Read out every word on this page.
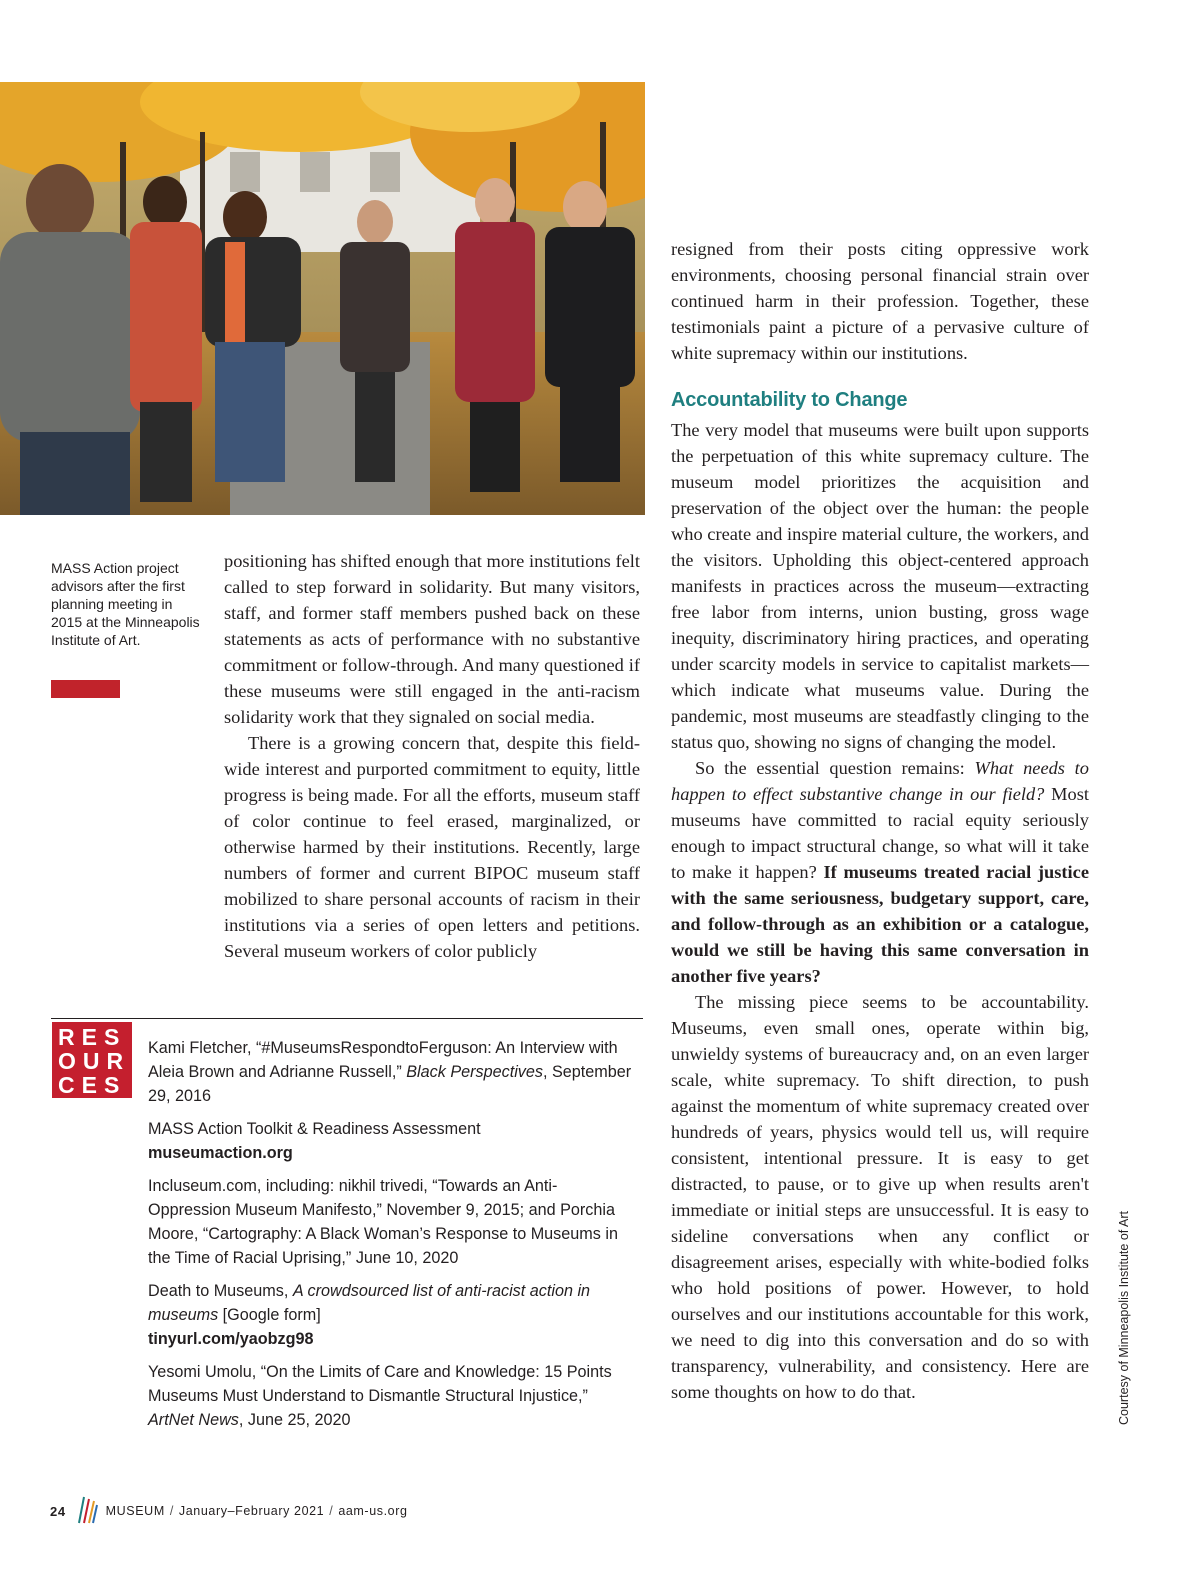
MASS Action project advisors after the first planning meeting in 2015 at the Minneapolis Institute of Art.

positioning has shifted enough that more institutions felt called to step forward in solidarity. But many visitors, staff, and former staff members pushed back on these statements as acts of performance with no substantive commitment or follow-through. And many questioned if these museums were still engaged in the anti-racism solidarity work that they signaled on social media.

There is a growing concern that, despite this field-wide interest and purported commitment to equity, little progress is being made. For all the efforts, museum staff of color continue to feel erased, marginalized, or otherwise harmed by their institutions. Recently, large numbers of former and current BIPOC museum staff mobilized to share personal accounts of racism in their institutions via a series of open letters and petitions. Several museum workers of color publicly

resigned from their posts citing oppressive work environments, choosing personal financial strain over continued harm in their profession. Together, these testimonials paint a picture of a pervasive culture of white supremacy within our institutions.

Accountability to Change

The very model that museums were built upon supports the perpetuation of this white supremacy culture. The museum model prioritizes the acquisition and preservation of the object over the human: the people who create and inspire material culture, the workers, and the visitors. Upholding this object-centered approach manifests in practices across the museum—extracting free labor from interns, union busting, gross wage inequity, discriminatory hiring practices, and operating under scarcity models in service to capitalist markets—which indicate what museums value. During the pandemic, most museums are steadfastly clinging to the status quo, showing no signs of changing the model.

So the essential question remains: What needs to happen to effect substantive change in our field? Most museums have committed to racial equity seriously enough to impact structural change, so what will it take to make it happen? If museums treated racial justice with the same seriousness, budgetary support, care, and follow-through as an exhibition or a catalogue, would we still be having this same conversation in another five years?

The missing piece seems to be accountability. Museums, even small ones, operate within big, unwieldy systems of bureaucracy and, on an even larger scale, white supremacy. To shift direction, to push against the momentum of white supremacy created over hundreds of years, physics would tell us, will require consistent, intentional pressure. It is easy to get distracted, to pause, or to give up when results aren't immediate or initial steps are unsuccessful. It is easy to sideline conversations when any conflict or disagreement arises, especially with white-bodied folks who hold positions of power. However, to hold ourselves and our institutions accountable for this work, we need to dig into this conversation and do so with transparency, vulnerability, and consistency. Here are some thoughts on how to do that.

RES
OUR
CES
Kami Fletcher, “#MuseumsRespondtoFerguson: An Interview with Aleia Brown and Adrianne Russell,” Black Perspectives, September 29, 2016
MASS Action Toolkit & Readiness Assessment
museumaction.org
Incluseum.com, including: nikhil trivedi, “Towards an Anti-Oppression Museum Manifesto,” November 9, 2015; and Porchia Moore, “Cartography: A Black Woman’s Response to Museums in the Time of Racial Uprising,” June 10, 2020
Death to Museums, A crowdsourced list of anti-racist action in museums [Google form]
tinyurl.com/yaobzg98
Yesomi Umolu, “On the Limits of Care and Knowledge: 15 Points Museums Must Understand to Dismantle Structural Injustice,” ArtNet News, June 25, 2020	Courtesy of Minneapolis Institute of Art
24	MUSEUM / January–February 2021 / aam-us.org
